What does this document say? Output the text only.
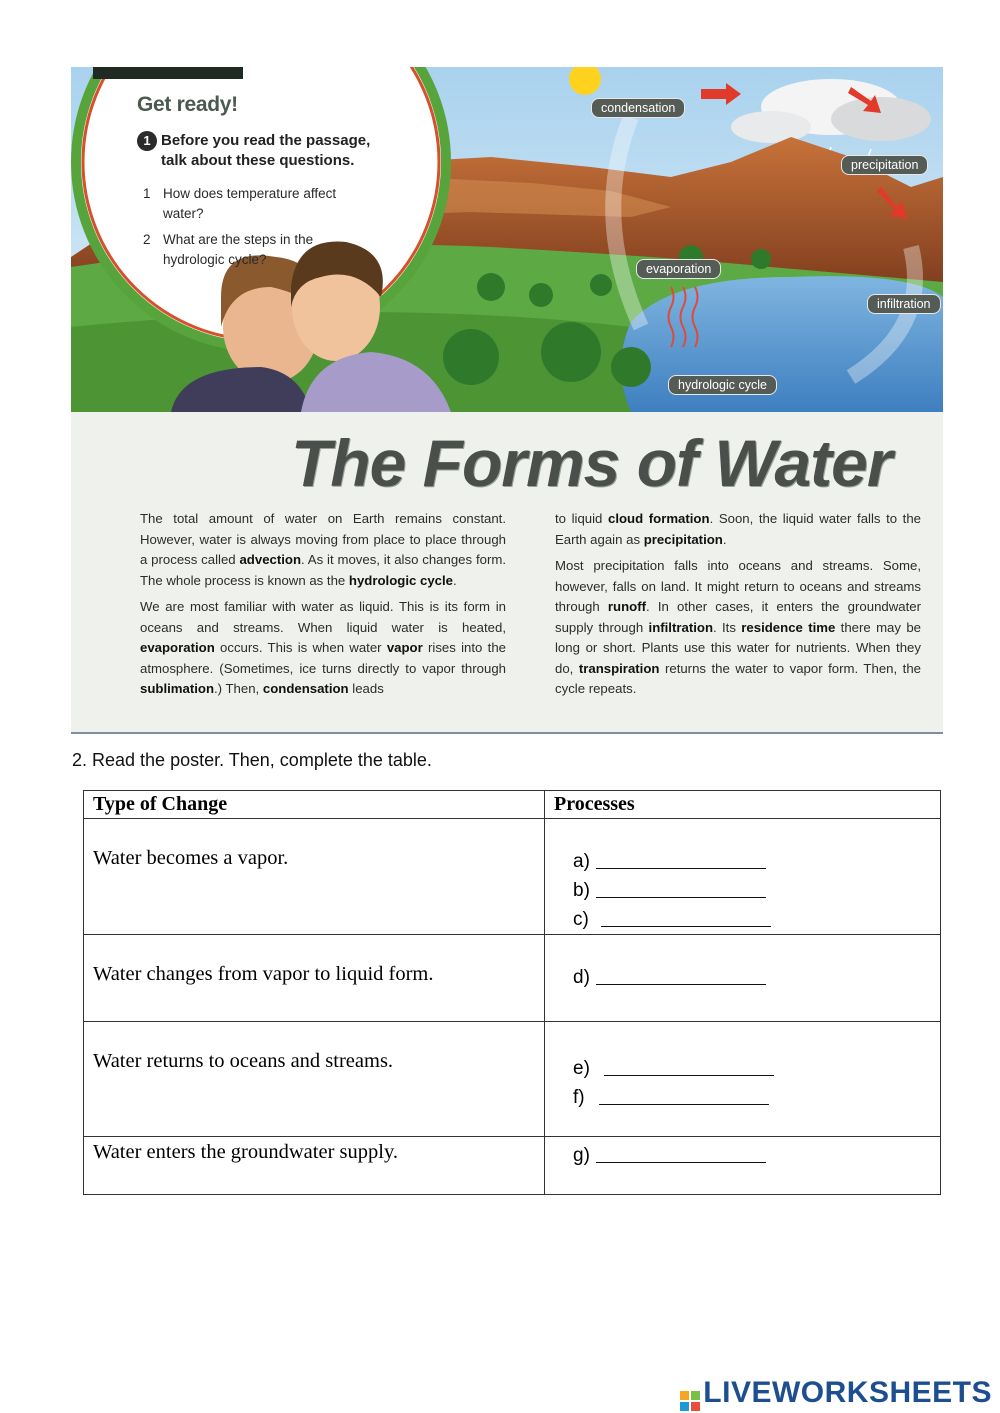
Get ready!
1 Before you read the passage,
talk about these questions.
1 How does temperature affect
water?
2 What are the steps in the
hydrologic cycle?
condensation
precipitation
evaporation
infiltration
hydrologic cycle
The Forms of Water

The total amount of water on Earth remains constant. However, water is always moving from place to place through a process called advection. As it moves, it also changes form. The whole process is known as the hydrologic cycle.

We are most familiar with water as liquid. This is its form in oceans and streams. When liquid water is heated, evaporation occurs. This is when water vapor rises into the atmosphere. (Sometimes, ice turns directly to vapor through sublimation.) Then, condensation leads

to liquid cloud formation. Soon, the liquid water falls to the Earth again as precipitation.

Most precipitation falls into oceans and streams. Some, however, falls on land. It might return to oceans and streams through runoff. In other cases, it enters the groundwater supply through infiltration. Its residence time there may be long or short. Plants use this water for nutrients. When they do, transpiration returns the water to vapor form. Then, the cycle repeats.

2. Read the poster. Then, complete the table.
Type of Change	Processes

Water becomes a vapor.	a)
b)
c)

Water changes from vapor to liquid form.	d)

Water returns to oceans and streams.	e)
f)

Water enters the groundwater supply.	g)
LIVEWORKSHEETS
